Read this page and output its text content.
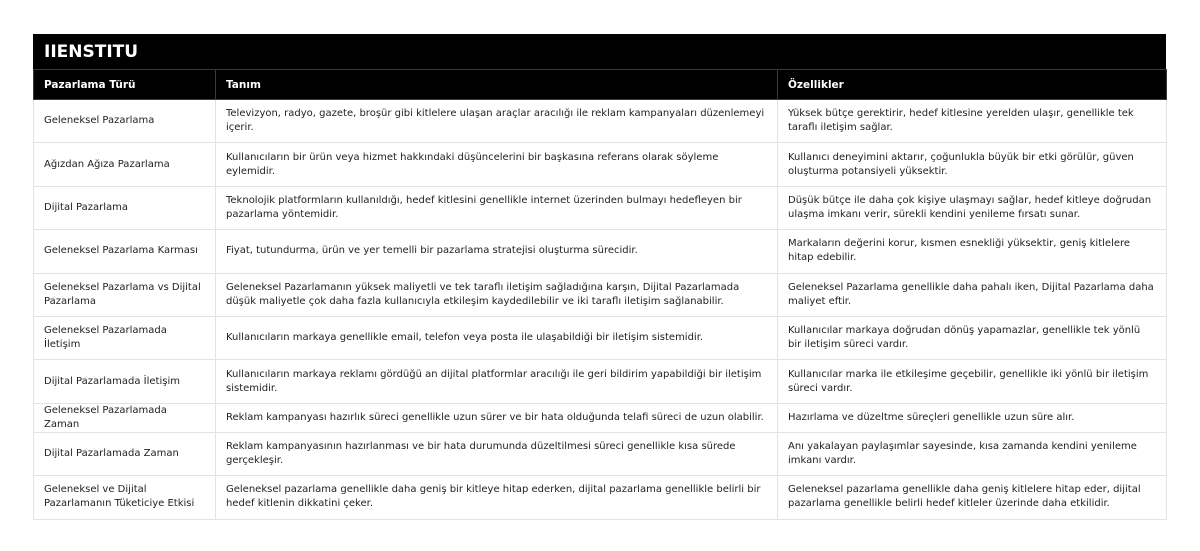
IIENSTITU
Pazarlama Türü	Tanım	Özellikler
Geleneksel Pazarlama	Televizyon, radyo, gazete, broşür gibi kitlelere ulaşan araçlar aracılığı ile reklam kampanyaları düzenlemeyi içerir.	Yüksek bütçe gerektirir, hedef kitlesine yerelden ulaşır, genellikle tek taraflı iletişim sağlar.
Ağızdan Ağıza Pazarlama	Kullanıcıların bir ürün veya hizmet hakkındaki düşüncelerini bir başkasına referans olarak söyleme eylemidir.	Kullanıcı deneyimini aktarır, çoğunlukla büyük bir etki görülür, güven oluşturma potansiyeli yüksektir.
Dijital Pazarlama	Teknolojik platformların kullanıldığı, hedef kitlesini genellikle internet üzerinden bulmayı hedefleyen bir pazarlama yöntemidir.	Düşük bütçe ile daha çok kişiye ulaşmayı sağlar, hedef kitleye doğrudan ulaşma imkanı verir, sürekli kendini yenileme fırsatı sunar.
Geleneksel Pazarlama Karması	Fiyat, tutundurma, ürün ve yer temelli bir pazarlama stratejisi oluşturma sürecidir.	Markaların değerini korur, kısmen esnekliği yüksektir, geniş kitlelere hitap edebilir.
Geleneksel Pazarlama vs Dijital Pazarlama	Geleneksel Pazarlamanın yüksek maliyetli ve tek taraflı iletişim sağladığına karşın, Dijital Pazarlamada düşük maliyetle çok daha fazla kullanıcıyla etkileşim kaydedilebilir ve iki taraflı iletişim sağlanabilir.	Geleneksel Pazarlama genellikle daha pahalı iken, Dijital Pazarlama daha maliyet eftir.
Geleneksel Pazarlamada İletişim	Kullanıcıların markaya genellikle email, telefon veya posta ile ulaşabildiği bir iletişim sistemidir.	Kullanıcılar markaya doğrudan dönüş yapamazlar, genellikle tek yönlü bir iletişim süreci vardır.
Dijital Pazarlamada İletişim	Kullanıcıların markaya reklamı gördüğü an dijital platformlar aracılığı ile geri bildirim yapabildiği bir iletişim sistemidir.	Kullanıcılar marka ile etkileşime geçebilir, genellikle iki yönlü bir iletişim süreci vardır.
Geleneksel Pazarlamada Zaman	Reklam kampanyası hazırlık süreci genellikle uzun sürer ve bir hata olduğunda telafi süreci de uzun olabilir.	Hazırlama ve düzeltme süreçleri genellikle uzun süre alır.
Dijital Pazarlamada Zaman	Reklam kampanyasının hazırlanması ve bir hata durumunda düzeltilmesi süreci genellikle kısa sürede gerçekleşir.	Anı yakalayan paylaşımlar sayesinde, kısa zamanda kendini yenileme imkanı vardır.
Geleneksel ve Dijital Pazarlamanın Tüketiciye Etkisi	Geleneksel pazarlama genellikle daha geniş bir kitleye hitap ederken, dijital pazarlama genellikle belirli bir hedef kitlenin dikkatini çeker.	Geleneksel pazarlama genellikle daha geniş kitlelere hitap eder, dijital pazarlama genellikle belirli hedef kitleler üzerinde daha etkilidir.
